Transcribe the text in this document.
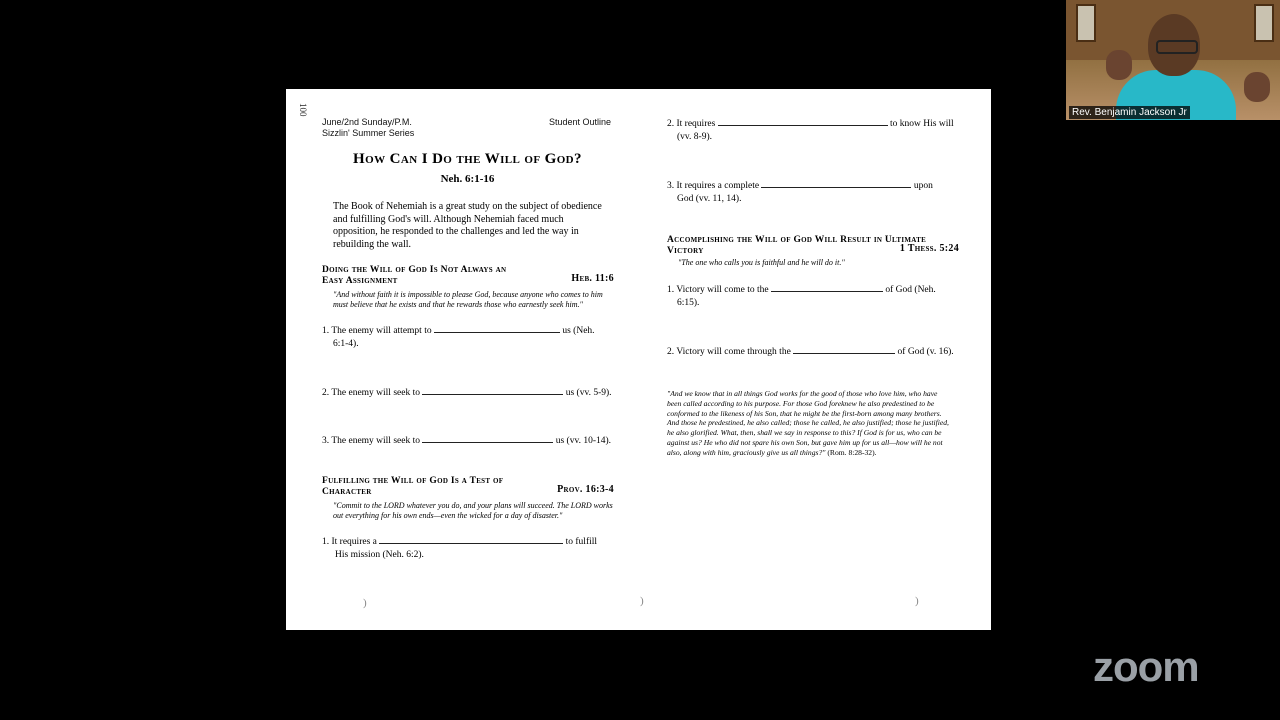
100
June/2nd Sunday/P.M.
Sizzlin' Summer Series
Student Outline
How Can I Do the Will of God?
Neh. 6:1-16
The Book of Nehemiah is a great study on the subject of obedience and fulfilling God's will. Although Nehemiah faced much opposition, he responded to the challenges and led the way in rebuilding the wall.
Doing the Will of God Is Not Always an
Easy Assignment	Heb. 11:6
"And without faith it is impossible to please God, because anyone who comes to him must believe that he exists and that he rewards those who earnestly seek him."
1. The enemy will attempt to	us (Neh.
6:1-4).
2. The enemy will seek to	us (vv. 5-9).
3. The enemy will seek to	us (vv. 10-14).
Fulfilling the Will of God Is a Test of
Character	Prov. 16:3-4
"Commit to the LORD whatever you do, and your plans will succeed. The LORD works out everything for his own ends—even the wicked for a day of disaster."
1. It requires a	to fulfill
His mission (Neh. 6:2).
2. It requires	to know His will
(vv. 8-9).
3. It requires a complete	upon
God (vv. 11, 14).
Accomplishing the Will of God Will Result in Ultimate
Victory	1 Thess. 5:24
"The one who calls you is faithful and he will do it."
1. Victory will come to the	of God (Neh.
6:15).
2. Victory will come through the	of God (v. 16).
"And we know that in all things God works for the good of those who love him, who have been called according to his purpose. For those God foreknew he also predestined to be conformed to the likeness of his Son, that he might be the first-born among many brothers. And those he predestined, he also called; those he called, he also justified; those he justified, he also glorified. What, then, shall we say in response to this? If God is for us, who can be against us? He who did not spare his own Son, but gave him up for us all—how will he not also, along with him, graciously give us all things?" (Rom. 8:28-32).
)	)	)
Rev. Benjamin Jackson Jr
zoom
